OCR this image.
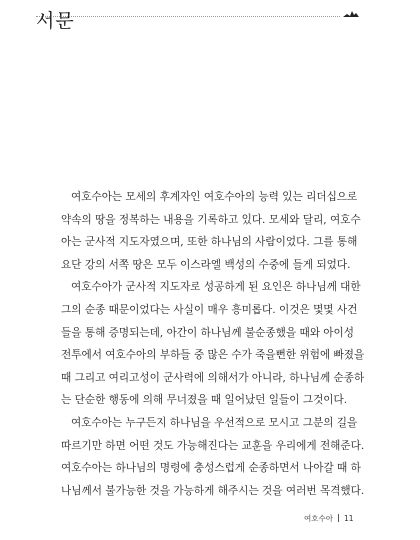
서문

여호수아는 모세의 후계자인 여호수아의 능력 있는 리더십으로
약속의 땅을 정복하는 내용을 기록하고 있다. 모세와 달리, 여호수
아는 군사적 지도자였으며, 또한 하나님의 사람이었다. 그를 통해
요단 강의 서쪽 땅은 모두 이스라엘 백성의 수중에 들게 되었다.

여호수아가 군사적 지도자로 성공하게 된 요인은 하나님께 대한
그의 순종 때문이었다는 사실이 매우 흥미롭다. 이것은 몇몇 사건
들을 통해 증명되는데, 아간이 하나님께 불순종했을 때와 아이성
전투에서 여호수아의 부하들 중 많은 수가 죽을뻔한 위험에 빠졌을
때 그리고 여리고성이 군사력에 의해서가 아니라, 하나님께 순종하
는 단순한 행동에 의해 무너졌을 때 일어났던 일들이 그것이다.

여호수아는 누구든지 하나님을 우선적으로 모시고 그분의 길을
따르기만 하면 어떤 것도 가능해진다는 교훈을 우리에게 전해준다.
여호수아는 하나님의 명령에 충성스럽게 순종하면서 나아갈 때 하
나님께서 불가능한 것을 가능하게 해주시는 것을 여러번 목격했다.

여호수아 11
